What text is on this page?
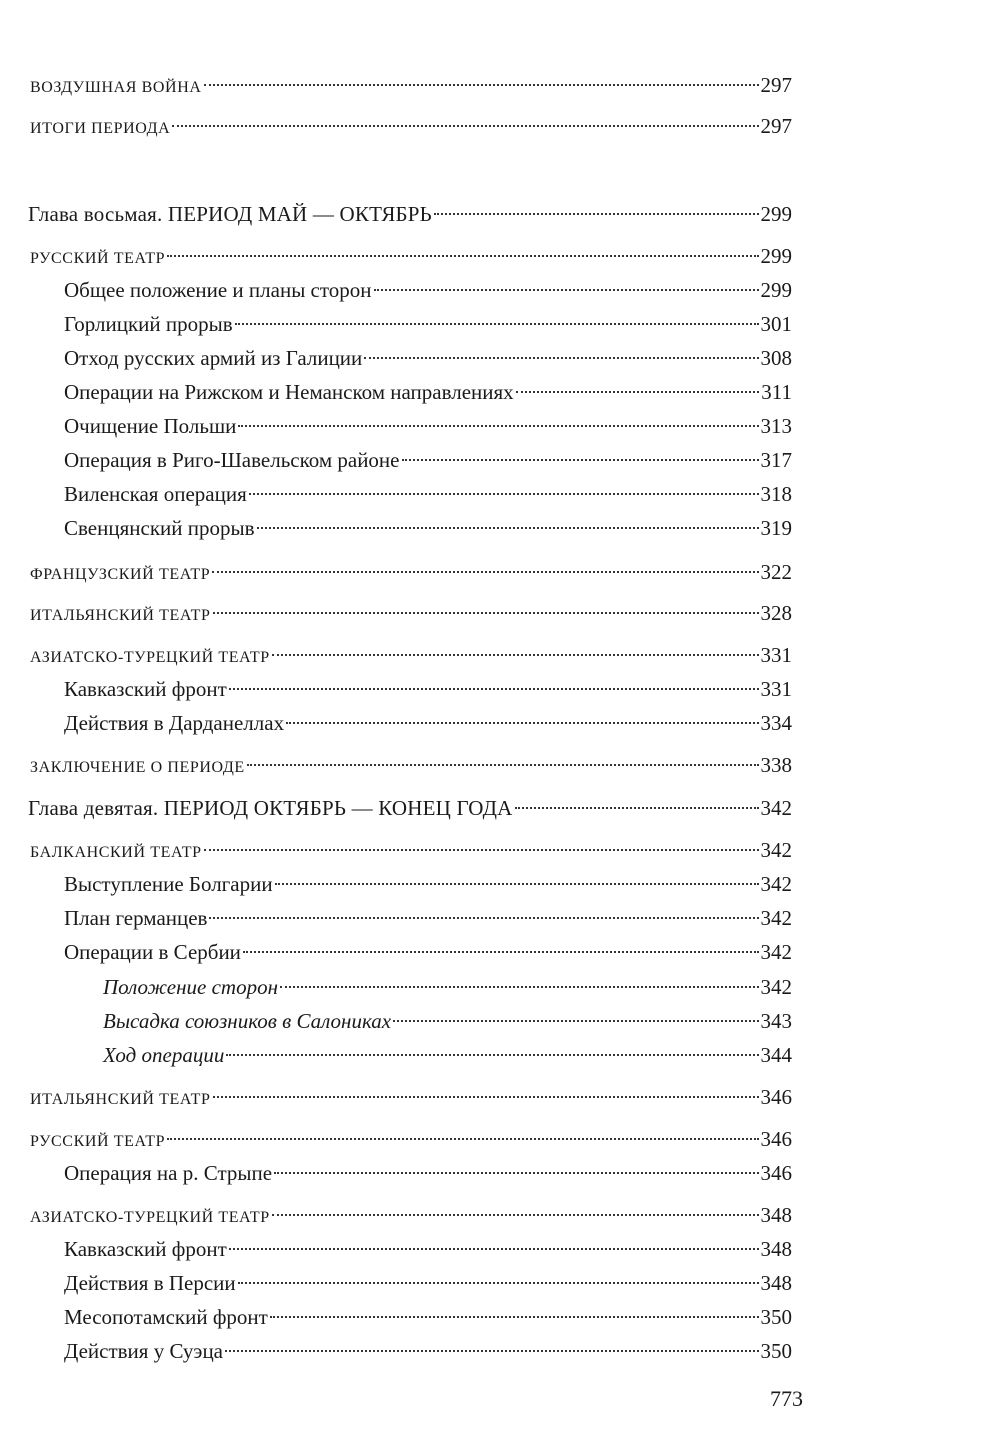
773
ВОЗДУШНАЯ ВОЙНА	297
ИТОГИ ПЕРИОДА	297
Глава восьмая. ПЕРИОД МАЙ — ОКТЯБРЬ	299
РУССКИЙ ТЕАТР	299
Общее положение и планы сторон	299
Горлицкий прорыв	301
Отход русских армий из Галиции	308
Операции на Рижском и Неманском направлениях	311
Очищение Польши	313
Операция в Риго-Шавельском районе	317
Виленская операция	318
Свенцянский прорыв	319
ФРАНЦУЗСКИЙ ТЕАТР	322
ИТАЛЬЯНСКИЙ ТЕАТР	328
АЗИАТСКО-ТУРЕЦКИЙ ТЕАТР	331
Кавказский фронт	331
Действия в Дарданеллах	334
ЗАКЛЮЧЕНИЕ О ПЕРИОДЕ	338
Глава девятая. ПЕРИОД ОКТЯБРЬ — КОНЕЦ ГОДА	342
БАЛКАНСКИЙ ТЕАТР	342
Выступление Болгарии	342
План германцев	342
Операции в Сербии	342
Положение сторон	342
Высадка союзников в Салониках	343
Ход операции	344
ИТАЛЬЯНСКИЙ ТЕАТР	346
РУССКИЙ ТЕАТР	346
Операция на р. Стрыпе	346
АЗИАТСКО-ТУРЕЦКИЙ ТЕАТР	348
Кавказский фронт	348
Действия в Персии	348
Месопотамский фронт	350
Действия у Суэца	350
